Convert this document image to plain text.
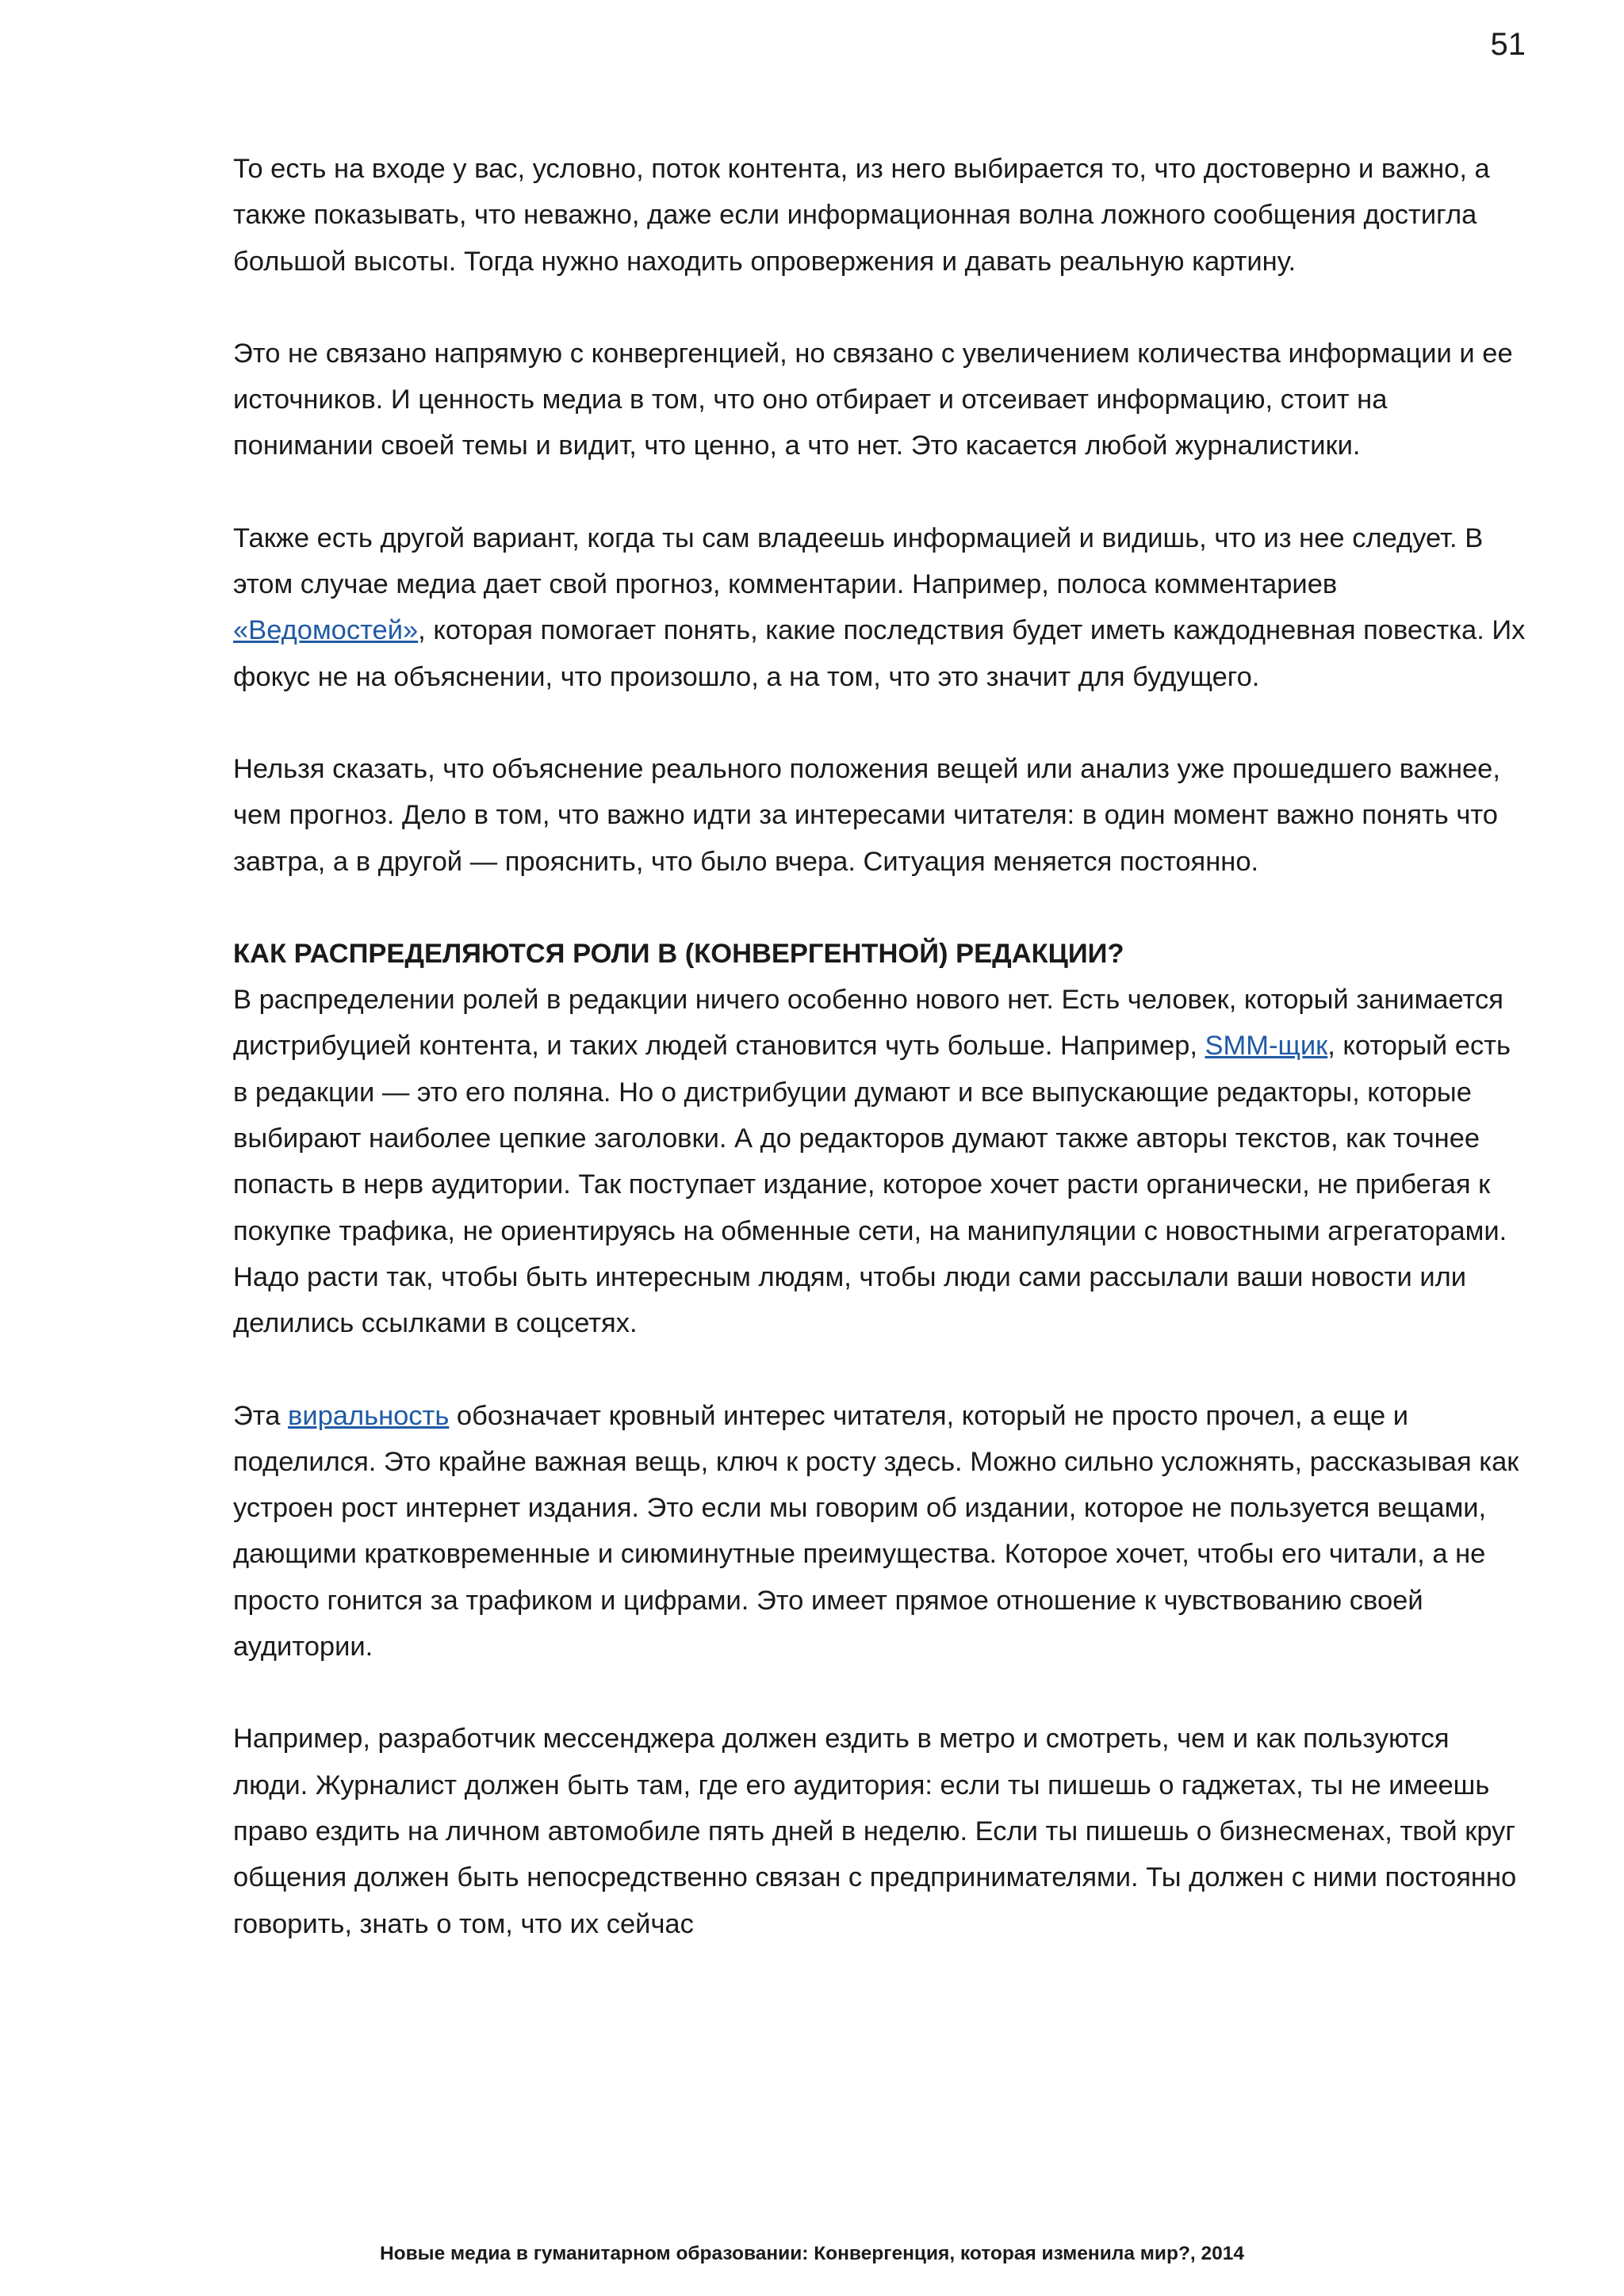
51

То есть на входе у вас, условно, поток контента, из него выбирается то, что достоверно и важно, а также показывать, что неважно, даже если информационная волна ложного сообщения достигла большой высоты. Тогда нужно находить опровержения и давать реальную картину.

Это не связано напрямую с конвергенцией, но связано с увеличением количества информации и ее источников. И ценность медиа в том, что оно отбирает и отсеивает информацию, стоит на понимании своей темы и видит, что ценно, а что нет. Это касается любой журналистики.

Также есть другой вариант, когда ты сам владеешь информацией и видишь, что из нее следует. В этом случае медиа дает свой прогноз, комментарии. Например, полоса комментариев «Ведомостей», которая помогает понять, какие последствия будет иметь каждодневная повестка. Их фокус не на объяснении, что произошло, а на том, что это значит для будущего.

Нельзя сказать, что объяснение реального положения вещей или анализ уже прошедшего важнее, чем прогноз. Дело в том, что важно идти за интересами читателя: в один момент важно понять что завтра, а в другой — прояснить, что было вчера. Ситуация меняется постоянно.

КАК РАСПРЕДЕЛЯЮТСЯ РОЛИ В (КОНВЕРГЕНТНОЙ) РЕДАКЦИИ?

В распределении ролей в редакции ничего особенно нового нет. Есть человек, который занимается дистрибуцией контента, и таких людей становится чуть больше. Например, SMM-щик, который есть в редакции — это его поляна. Но о дистрибуции думают и все выпускающие редакторы, которые выбирают наиболее цепкие заголовки. А до редакторов думают также авторы текстов, как точнее попасть в нерв аудитории. Так поступает издание, которое хочет расти органически, не прибегая к покупке трафика, не ориентируясь на обменные сети, на манипуляции с новостными агрегаторами. Надо расти так, чтобы быть интересным людям, чтобы люди сами рассылали ваши новости или делились ссылками в соцсетях.

Эта виральность обозначает кровный интерес читателя, который не просто прочел, а еще и поделился. Это крайне важная вещь, ключ к росту здесь. Можно сильно усложнять, рассказывая как устроен рост интернет издания. Это если мы говорим об издании, которое не пользуется вещами, дающими кратковременные и сиюминутные преимущества. Которое хочет, чтобы его читали, а не просто гонится за трафиком и цифрами. Это имеет прямое отношение к чувствованию своей аудитории.

Например, разработчик мессенджера должен ездить в метро и смотреть, чем и как пользуются люди. Журналист должен быть там, где его аудитория: если ты пишешь о гаджетах, ты не имеешь право ездить на личном автомобиле пять дней в неделю. Если ты пишешь о бизнесменах, твой круг общения должен быть непосредственно связан с предпринимателями. Ты должен с ними постоянно говорить, знать о том, что их сейчас

Новые медиа в гуманитарном образовании: Конвергенция, которая изменила мир?, 2014
